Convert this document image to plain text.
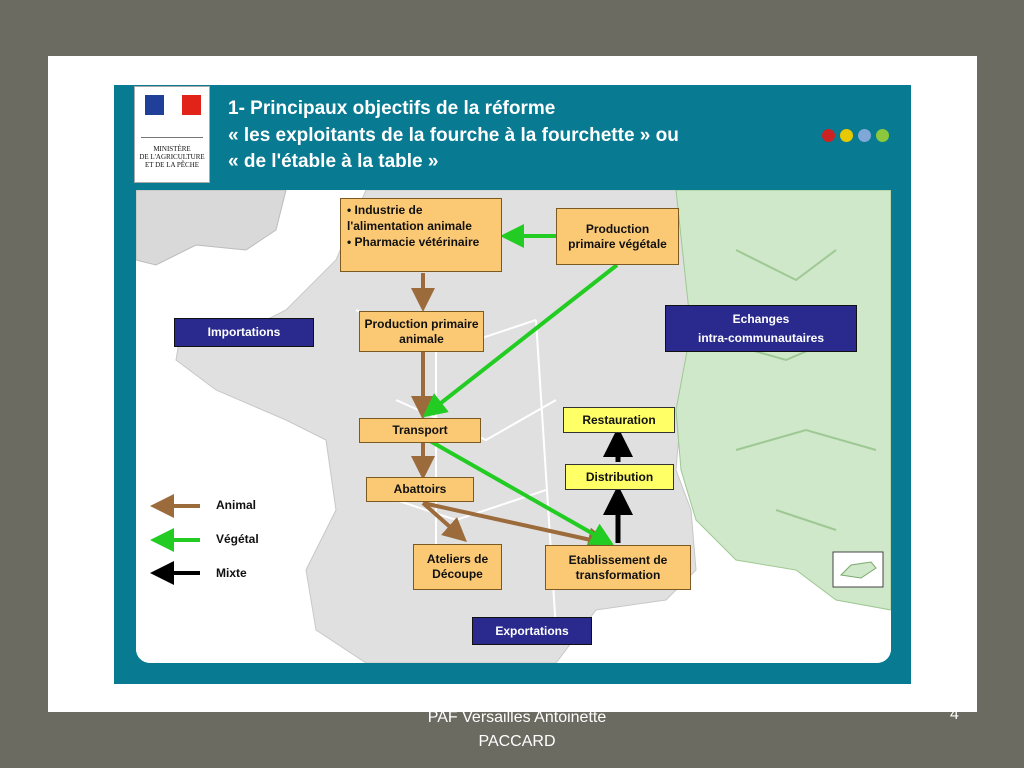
MINISTÈRE
DE L'AGRICULTURE
ET DE LA PÊCHE
1- Principaux objectifs de la réforme
« les exploitants de la fourche à la fourchette » ou
« de l'étable à la table »
• Industrie de l'alimentation animale
• Pharmacie vétérinaire
Production primaire végétale
Production primaire animale
Transport
Abattoirs
Ateliers de Découpe
Etablissement de transformation
Distribution
Restauration
Importations
Echanges
intra-communautaires
Exportations
Animal
Végétal
Mixte
PAF Versailles Antoinette
PACCARD
4
